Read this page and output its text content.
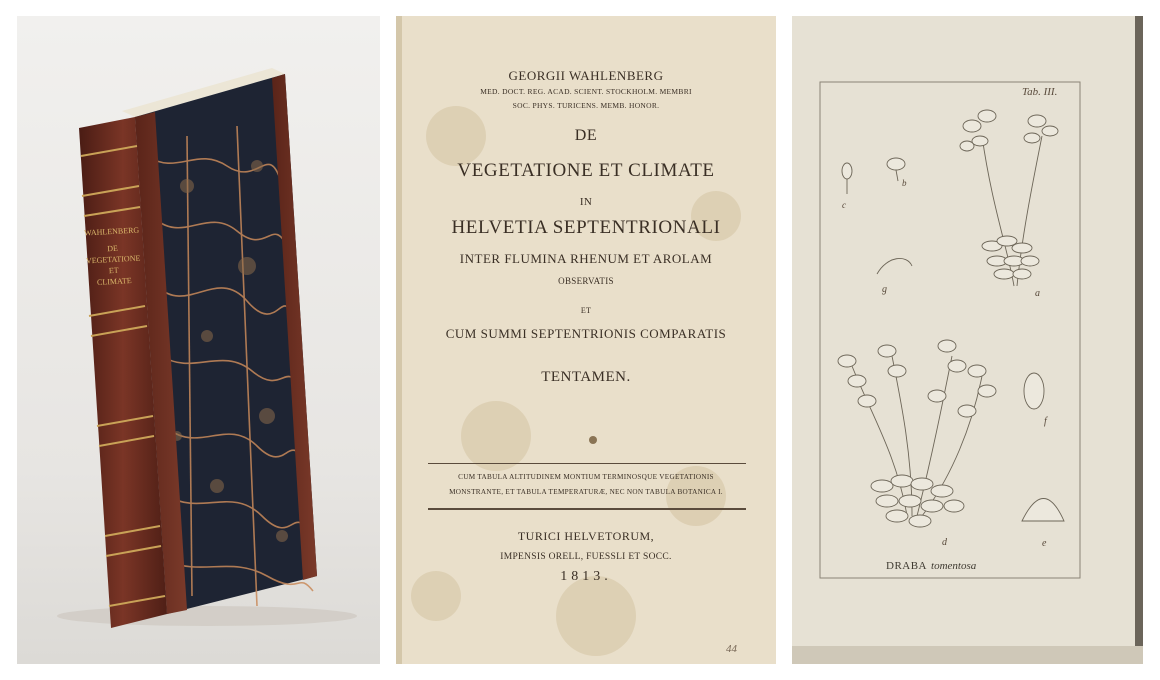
WAHLENBERG
DE
VEGETATIONE
ET
CLIMATE
GEORGII WAHLENBERG
MED. DOCT. REG. ACAD. SCIENT. STOCKHOLM. MEMBRI
SOC. PHYS. TURICENS. MEMB. HONOR.
DE
VEGETATIONE ET CLIMATE
IN
HELVETIA SEPTENTRIONALI
INTER FLUMINA RHENUM ET AROLAM
OBSERVATIS
ET
CUM SUMMI SEPTENTRIONIS COMPARATIS
TENTAMEN.
CUM TABULA ALTITUDINEM MONTIUM TERMINOSQUE VEGETATIONIS
MONSTRANTE, ET TABULA TEMPERATURÆ, NEC NON TABULA BOTANICA I.
TURICI HELVETORUM,
IMPENSIS ORELL, FUESSLI ET SOCC.
1813.
44
Tab. III.
c
b
g	a
f
d	e
DRABA tomentosa
